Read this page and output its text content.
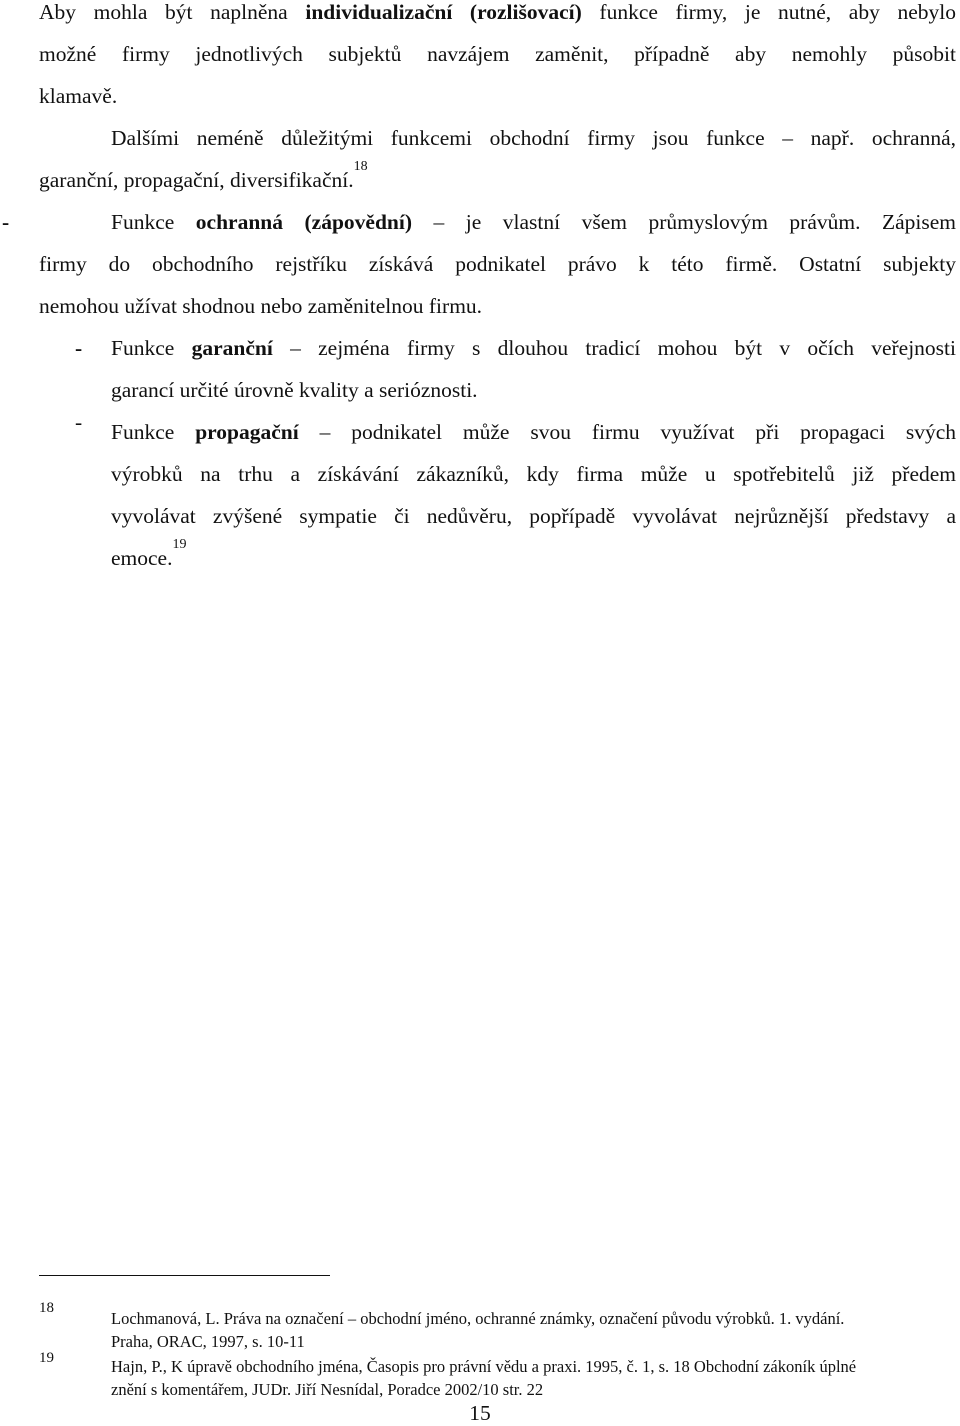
Aby mohla být naplněna individualizační (rozlišovací) funkce firmy, je nutné, aby nebylo
možné firmy jednotlivých subjektů navzájem zaměnit, případně aby nemohly působit
klamavě.
Dalšími neméně důležitými funkcemi obchodní firmy jsou funkce – např. ochranná,
garanční, propagační, diversifikační.$^{18}$
-	Funkce ochranná (zápovědní) – je vlastní všem průmyslovým právům. Zápisem
firmy do obchodního rejstříku získává podnikatel právo k této firmě. Ostatní subjekty
nemohou užívat shodnou nebo zaměnitelnou firmu.
- Funkce garanční – zejména firmy s dlouhou tradicí mohou být v očích veřejnosti
garancí určité úrovně kvality a serióznosti.
- Funkce propagační – podnikatel může svou firmu využívat při propagaci svých
výrobků na trhu a získávání zákazníků, kdy firma může u spotřebitelů již předem
vyvolávat zvýšené sympatie či nedůvěru, popřípadě vyvolávat nejrůznější představy a
emoce.$^{19}$
18
Lochmanová, L. Práva na označení – obchodní jméno, ochranné známky, označení původu výrobků. 1. vydání.
Praha, ORAC, 1997, s. 10-11
19	Hajn, P., K úpravě obchodního jména, Časopis pro právní vědu a praxi. 1995, č. 1, s. 18 Obchodní zákoník úplné
znění s komentářem, JUDr. Jiří Nesnídal, Poradce 2002/10 str. 22
15
